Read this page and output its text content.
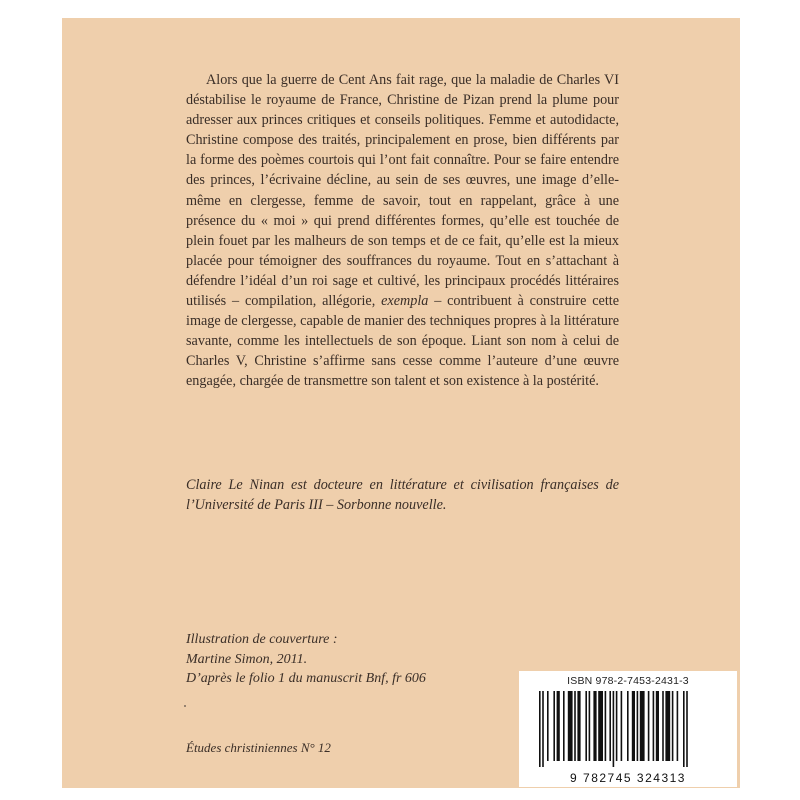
Alors que la guerre de Cent Ans fait rage, que la maladie de Charles VI déstabilise le royaume de France, Christine de Pizan prend la plume pour adresser aux princes critiques et conseils politiques. Femme et autodidacte, Christine compose des traités, principalement en prose, bien différents par la forme des poèmes courtois qui l’ont fait connaître. Pour se faire entendre des princes, l’écrivaine décline, au sein de ses œuvres, une image d’elle-même en clergesse, femme de savoir, tout en rappelant, grâce à une présence du « moi » qui prend différentes formes, qu’elle est touchée de plein fouet par les malheurs de son temps et de ce fait, qu’elle est la mieux placée pour témoigner des souffrances du royaume. Tout en s’attachant à défendre l’idéal d’un roi sage et cultivé, les principaux procédés littéraires utilisés – compilation, allégorie, exempla – contribuent à construire cette image de clergesse, capable de manier des techniques propres à la littérature savante, comme les intellectuels de son époque. Liant son nom à celui de Charles V, Christine s’affirme sans cesse comme l’auteure d’une œuvre engagée, chargée de transmettre son talent et son existence à la postérité.

Claire Le Ninan est docteure en littérature et civilisation françaises de l’Université de Paris III – Sorbonne nouvelle.

Illustration de couverture :
Martine Simon, 2011.
D’après le folio 1 du manuscrit Bnf, fr 606
Études christiniennes N° 12
ISBN 978-2-7453-2431-3
9 782745 324313
